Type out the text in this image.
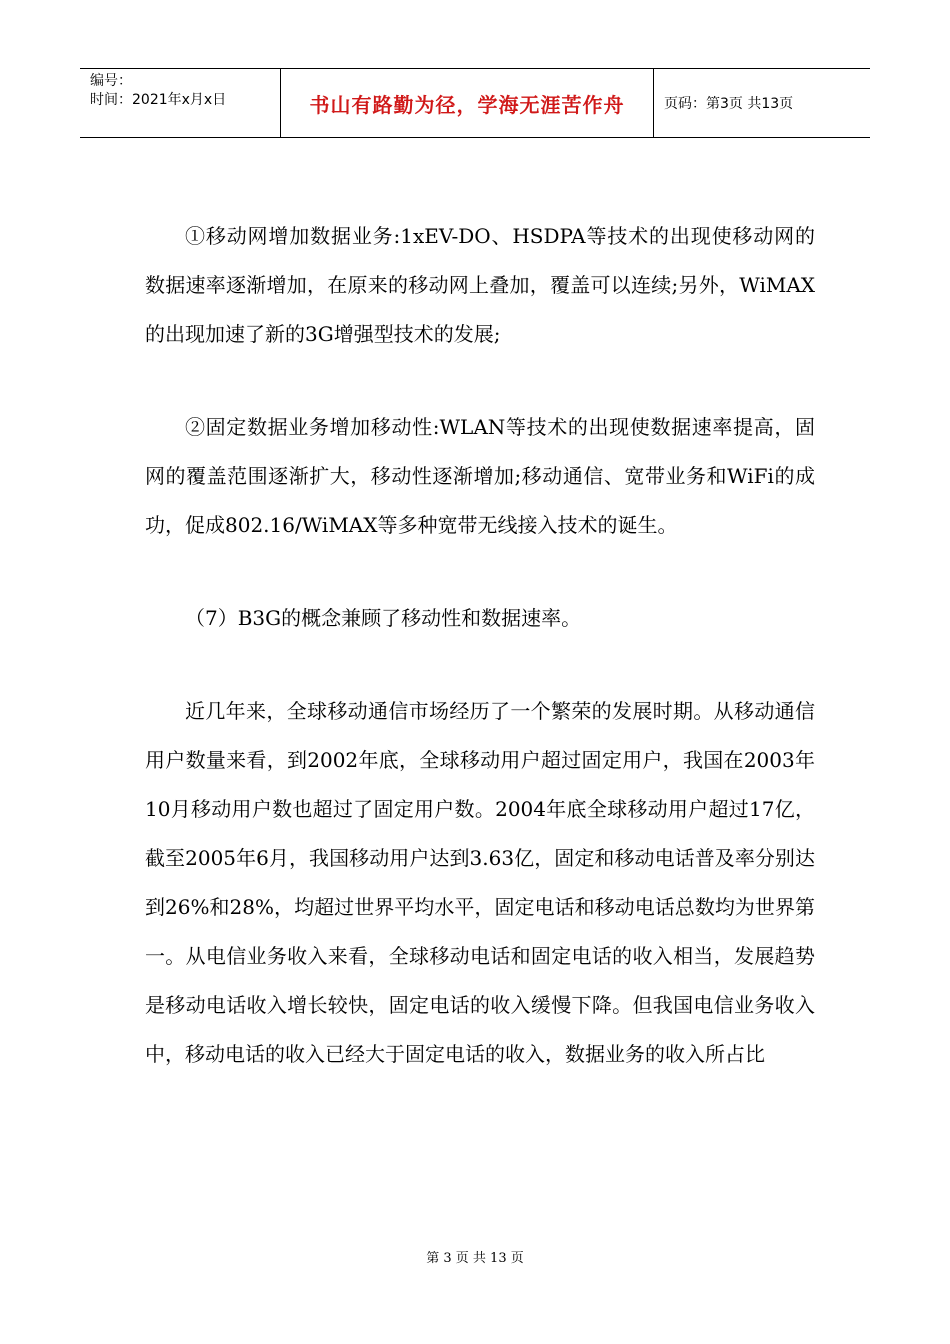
编号：
时间：2021年x月x日	书山有路勤为径，学海无涯苦作舟	页码：第3页 共13页

①移动网增加数据业务:1xEV-DO、HSDPA等技术的出现使移动网的数据速率逐渐增加，在原来的移动网上叠加，覆盖可以连续;另外，WiMAX的出现加速了新的3G增强型技术的发展;

②固定数据业务增加移动性:WLAN等技术的出现使数据速率提高，固网的覆盖范围逐渐扩大，移动性逐渐增加;移动通信、宽带业务和WiFi的成功，促成802.16/WiMAX等多种宽带无线接入技术的诞生。

（7）B3G的概念兼顾了移动性和数据速率。

近几年来，全球移动通信市场经历了一个繁荣的发展时期。从移动通信用户数量来看，到2002年底，全球移动用户超过固定用户，我国在2003年10月移动用户数也超过了固定用户数。2004年底全球移动用户超过17亿，截至2005年6月，我国移动用户达到3.63亿，固定和移动电话普及率分别达到26%和28%，均超过世界平均水平，固定电话和移动电话总数均为世界第一。从电信业务收入来看，全球移动电话和固定电话的收入相当，发展趋势是移动电话收入增长较快，固定电话的收入缓慢下降。但我国电信业务收入中，移动电话的收入已经大于固定电话的收入，数据业务的收入所占比

第 3 页 共 13 页
